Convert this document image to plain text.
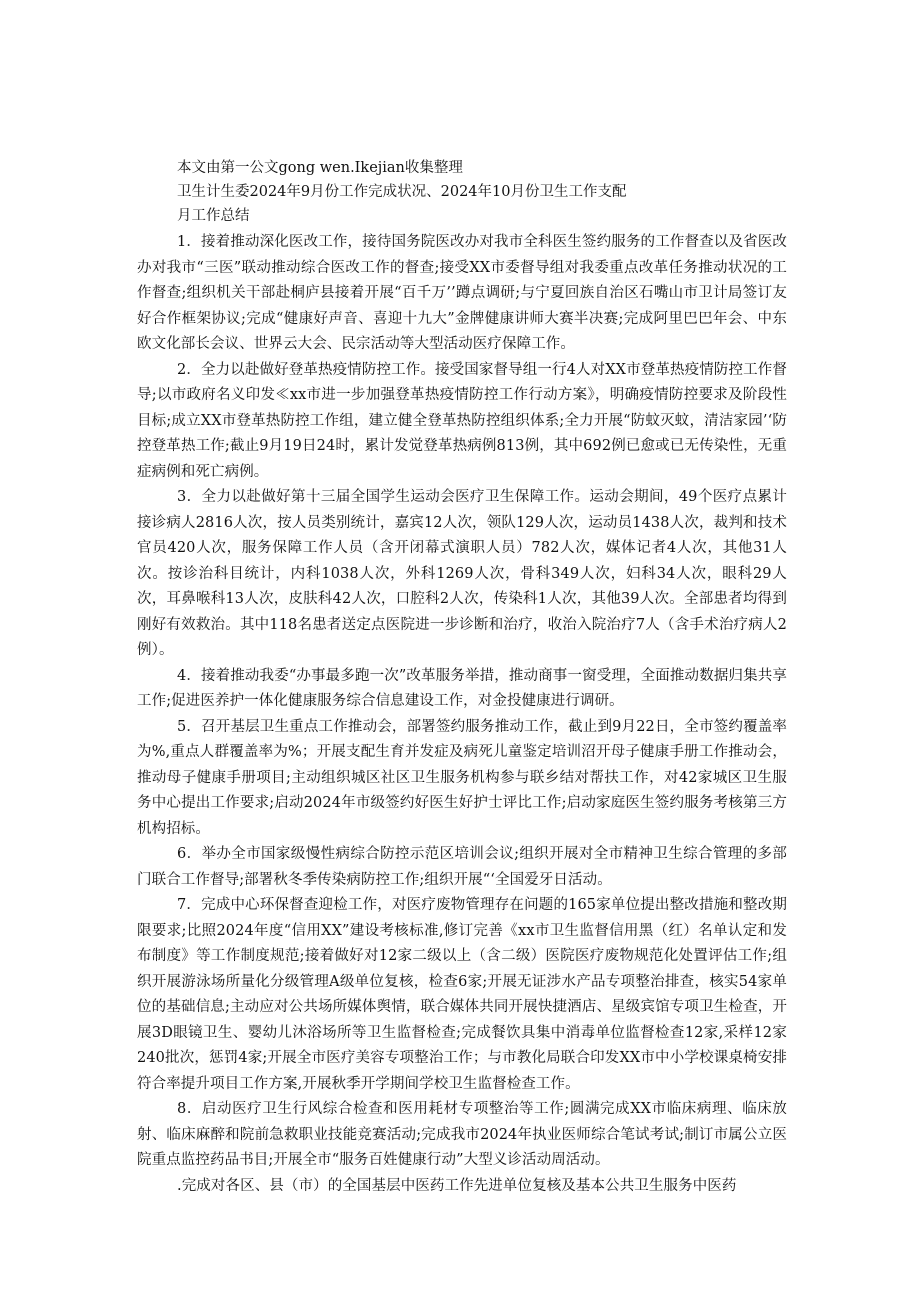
本文由第一公文gong wen.Ikejian收集整理

卫生计生委2024年9月份工作完成状况、2024年10月份卫生工作支配
月工作总结

1．接着推动深化医改工作，接待国务院医改办对我市全科医生签约服务的工作督查以及省医改办对我市“三医”联动推动综合医改工作的督查;接受XX市委督导组对我委重点改革任务推动状况的工作督查;组织机关干部赴桐庐县接着开展“百千万’’蹲点调研;与宁夏回族自治区石嘴山市卫计局签订友好合作框架协议;完成“健康好声音、喜迎十九大”金牌健康讲师大赛半决赛;完成阿里巴巴年会、中东欧文化部长会议、世界云大会、民宗活动等大型活动医疗保障工作。

2．全力以赴做好登革热疫情防控工作。接受国家督导组一行4人对XX市登革热疫情防控工作督导;以市政府名义印发≪xx市进一步加强登革热疫情防控工作行动方案》，明确疫情防控要求及阶段性目标;成立XX市登革热防控工作组，建立健全登革热防控组织体系;全力开展“防蚊灭蚊，清洁家园’‘防控登革热工作;截止9月19日24时，累计发觉登革热病例813例，其中692例已愈或已无传染性，无重症病例和死亡病例。

3．全力以赴做好第十三届全国学生运动会医疗卫生保障工作。运动会期间，49个医疗点累计接诊病人2816人次，按人员类别统计，嘉宾12人次，领队129人次，运动员1438人次，裁判和技术官员420人次，服务保障工作人员（含开闭幕式演职人员）782人次，媒体记者4人次，其他31人次。按诊治科目统计，内科1038人次，外科1269人次，骨科349人次，妇科34人次，眼科29人次，耳鼻喉科13人次，皮肤科42人次，口腔科2人次，传染科1人次，其他39人次。全部患者均得到刚好有效救治。其中118名患者送定点医院进一步诊断和治疗，收治入院治疗7人（含手术治疗病人2例）。

4．接着推动我委“办事最多跑一次”改革服务举措，推动商事一窗受理，全面推动数据归集共享工作;促进医养护一体化健康服务综合信息建设工作，对金投健康进行调研。

5．召开基层卫生重点工作推动会，部署签约服务推动工作，截止到9月22日，全市签约覆盖率为%,重点人群覆盖率为%；开展支配生育并发症及病死儿童鉴定培训沼开母子健康手册工作推动会，推动母子健康手册项目;主动组织城区社区卫生服务机构参与联乡结对帮扶工作，对42家城区卫生服务中心提出工作要求;启动2024年市级签约好医生好护士评比工作;启动家庭医生签约服务考核第三方机构招标。

6．举办全市国家级慢性病综合防控示范区培训会议;组织开展对全市精神卫生综合管理的多部门联合工作督导;部署秋冬季传染病防控工作;组织开展“‘全国爱牙日活动。

7．完成中心环保督查迎检工作，对医疗废物管理存在问题的165家单位提出整改措施和整改期限要求;比照2024年度“信用XX”建设考核标准,修订完善《xx市卫生监督信用黑（红）名单认定和发布制度》等工作制度规范;接着做好对12家二级以上（含二级）医院医疗废物规范化处置评估工作;组织开展游泳场所量化分级管理A级单位复核，检查6家;开展无证涉水产品专项整治排查，核实54家单位的基础信息;主动应对公共场所媒体舆情，联合媒体共同开展快捷酒店、星级宾馆专项卫生检查，开展3D眼镜卫生、婴幼儿沐浴场所等卫生监督检查;完成餐饮具集中消毒单位监督检查12家,采样12家240批次，惩罚4家;开展全市医疗美容专项整治工作；与市教化局联合印发XX市中小学校课桌椅安排符合率提升项目工作方案,开展秋季开学期间学校卫生监督检查工作。

8．启动医疗卫生行风综合检查和医用耗材专项整治等工作;圆满完成XX市临床病理、临床放射、临床麻醉和院前急救职业技能竞赛活动;完成我市2024年执业医师综合笔试考试;制订市属公立医院重点监控药品书目;开展全市“服务百姓健康行动”大型义诊活动周活动。

.完成对各区、县（市）的全国基层中医药工作先进单位复核及基本公共卫生服务中医药
